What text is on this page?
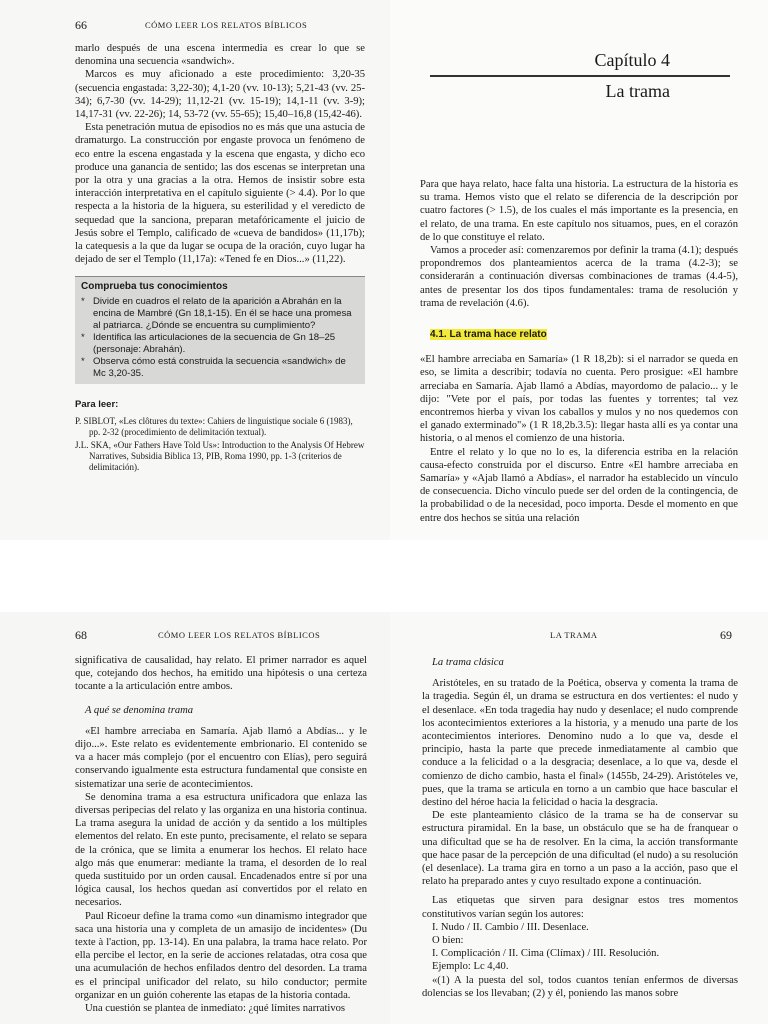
66	CÓMO LEER LOS RELATOS BÍBLICOS

marlo después de una escena intermedia es crear lo que se denomina una secuencia «sandwich».

Marcos es muy aficionado a este procedimiento: 3,20-35 (secuencia engastada: 3,22-30); 4,1-20 (vv. 10-13); 5,21-43 (vv. 25-34); 6,7-30 (vv. 14-29); 11,12-21 (vv. 15-19); 14,1-11 (vv. 3-9); 14,17-31 (vv. 22-26); 14, 53-72 (vv. 55-65); 15,40–16,8 (15,42-46).

Esta penetración mutua de episodios no es más que una astucia de dramaturgo. La construcción por engaste provoca un fenómeno de eco entre la escena engastada y la escena que engasta, y dicho eco produce una ganancia de sentido; las dos escenas se interpretan una por la otra y una gracias a la otra. Hemos de insistir sobre esta interacción interpretativa en el capítulo siguiente (> 4.4). Por lo que respecta a la historia de la higuera, su esterilidad y el veredicto de sequedad que la sanciona, preparan metafóricamente el juicio de Jesús sobre el Templo, calificado de «cueva de bandidos» (11,17b); la catequesis a la que da lugar se ocupa de la oración, cuyo lugar ha dejado de ser el Templo (11,17a): «Tened fe en Dios...» (11,22).

Comprueba tus conocimientos
* Divide en cuadros el relato de la aparición a Abrahán en la encina de Mambré (Gn 18,1-15). En él se hace una promesa al patriarca. ¿Dónde se encuentra su cumplimiento?
* Identifica las articulaciones de la secuencia de Gn 18–25 (personaje: Abrahán).
* Observa cómo está construida la secuencia «sandwich» de Mc 3,20-35.
Para leer:
P. SIBLOT, «Les clôtures du texte»: Cahiers de linguistique sociale 6 (1983), pp. 2-32 (procedimiento de delimitación textual).
J.L. SKA, «Our Fathers Have Told Us»: Introduction to the Analysis Of Hebrew Narratives, Subsidia Biblica 13, PIB, Roma 1990, pp. 1-3 (criterios de delimitación).
Capítulo 4
La trama

Para que haya relato, hace falta una historia. La estructura de la historia es su trama. Hemos visto que el relato se diferencia de la descripción por cuatro factores (> 1.5), de los cuales el más importante es la presencia, en el relato, de una trama. En este capítulo nos situamos, pues, en el corazón de lo que constituye el relato.

Vamos a proceder así: comenzaremos por definir la trama (4.1); después propondremos dos planteamientos acerca de la trama (4.2-3); se considerarán a continuación diversas combinaciones de tramas (4.4-5), antes de presentar los dos tipos fundamentales: trama de resolución y trama de revelación (4.6).

4.1. La trama hace relato

«El hambre arreciaba en Samaría» (1 R 18,2b): si el narrador se queda en eso, se limita a describir; todavía no cuenta. Pero prosigue: «El hambre arreciaba en Samaría. Ajab llamó a Abdías, mayordomo de palacio... y le dijo: "Vete por el país, por todas las fuentes y torrentes; tal vez encontremos hierba y vivan los caballos y mulos y no nos quedemos con el ganado exterminado"» (1 R 18,2b.3.5): llegar hasta allí es ya contar una historia, o al menos el comienzo de una historia.

Entre el relato y lo que no lo es, la diferencia estriba en la relación causa-efecto construida por el discurso. Entre «El hambre arreciaba en Samaría» y «Ajab llamó a Abdías», el narrador ha establecido un vínculo de consecuencia. Dicho vínculo puede ser del orden de la contingencia, de la probabilidad o de la necesidad, poco importa. Desde el momento en que entre dos hechos se sitúa una relación

68	CÓMO LEER LOS RELATOS BÍBLICOS

significativa de causalidad, hay relato. El primer narrador es aquel que, cotejando dos hechos, ha emitido una hipótesis o una certeza tocante a la articulación entre ambos.

A qué se denomina trama

«El hambre arreciaba en Samaría. Ajab llamó a Abdías... y le dijo...». Este relato es evidentemente embrionario. El contenido se va a hacer más complejo (por el encuentro con Elías), pero seguirá conservando igualmente esta estructura fundamental que consiste en sistematizar una serie de acontecimientos.

Se denomina trama a esa estructura unificadora que enlaza las diversas peripecias del relato y las organiza en una historia continua. La trama asegura la unidad de acción y da sentido a los múltiples elementos del relato. En este punto, precisamente, el relato se separa de la crónica, que se limita a enumerar los hechos. El relato hace algo más que enumerar: mediante la trama, el desorden de lo real queda sustituido por un orden causal. Encadenados entre sí por una lógica causal, los hechos quedan así convertidos por el relato en necesarios.

Paul Ricoeur define la trama como «un dinamismo integrador que saca una historia una y completa de un amasijo de incidentes» (Du texte à l'action, pp. 13-14). En una palabra, la trama hace relato. Por ella percibe el lector, en la serie de acciones relatadas, otra cosa que una acumulación de hechos enfilados dentro del desorden. La trama es el principal unificador del relato, su hilo conductor; permite organizar en un guión coherente las etapas de la historia contada.

Una cuestión se plantea de inmediato: ¿qué límites narrativos

LA TRAMA	69

La trama clásica

Aristóteles, en su tratado de la Poética, observa y comenta la trama de la tragedia. Según él, un drama se estructura en dos vertientes: el nudo y el desenlace. «En toda tragedia hay nudo y desenlace; el nudo comprende los acontecimientos exteriores a la historia, y a menudo una parte de los acontecimientos interiores. Denomino nudo a lo que va, desde el principio, hasta la parte que precede inmediatamente al cambio que conduce a la felicidad o a la desgracia; desenlace, a lo que va, desde el comienzo de dicho cambio, hasta el final» (1455b, 24-29). Aristóteles ve, pues, que la trama se articula en torno a un cambio que hace bascular el destino del héroe hacia la felicidad o hacia la desgracia.

De este planteamiento clásico de la trama se ha de conservar su estructura piramidal. En la base, un obstáculo que se ha de franquear o una dificultad que se ha de resolver. En la cima, la acción transformante que hace pasar de la percepción de una dificultad (el nudo) a su resolución (el desenlace). La trama gira en torno a un paso a la acción, paso que el relato ha preparado antes y cuyo resultado expone a continuación.

Las etiquetas que sirven para designar estos tres momentos constitutivos varían según los autores:

I. Nudo / II. Cambio / III. Desenlace.

O bien:

I. Complicación / II. Cima (Clímax) / III. Resolución.

Ejemplo: Lc 4,40.

«(1) A la puesta del sol, todos cuantos tenían enfermos de diversas dolencias se los llevaban; (2) y él, poniendo las manos sobre
